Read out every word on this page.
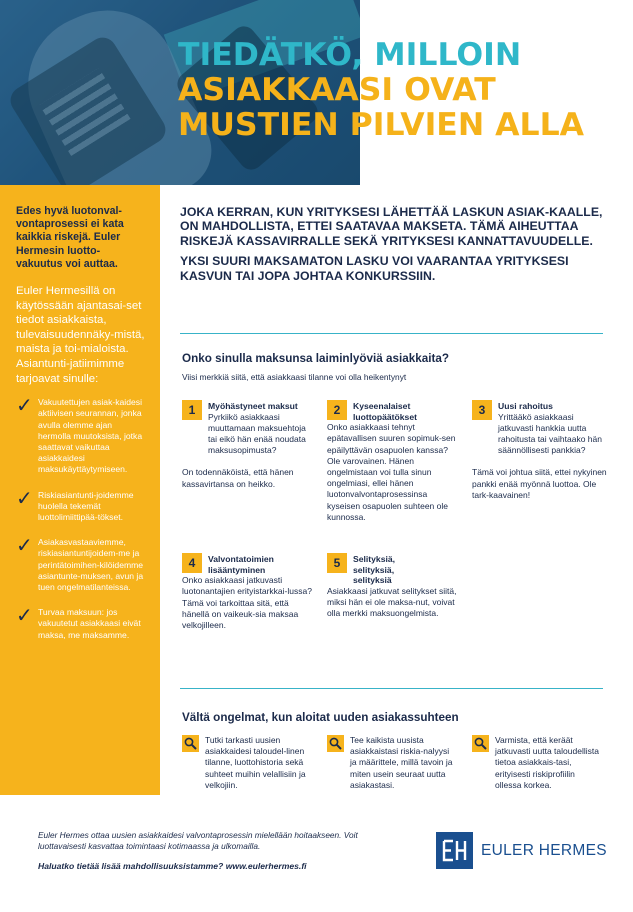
TIEDÄTKÖ, MILLOIN
ASIAKKAASI OVAT
MUSTIEN PILVIEN ALLA

Edes hyvä luotonval-vontaprosessi ei kata kaikkia riskejä. Euler Hermesin luotto-vakuutus voi auttaa.

Euler Hermesillä on käytössään ajantasai-set tiedot asiakkaista, tulevaisuudennäky-mistä, maista ja toi-mialoista. Asiantunti-jatiimimme tarjoavat sinulle:

✓ Vakuutettujen asiak-kaidesi aktiivisen seurannan, jonka avulla olemme ajan hermolla muutoksista, jotka saattavat vaikuttaa asiakkaidesi maksukäyttäytymiseen.
✓ Riskiasiantunti-joidemme huolella tekemät luottolimiittipää-tökset.
✓ Asiakasvastaaviemme, riskiasiantuntijoidem-me ja perintätoimihen-kilöidemme asiantunte-muksen, avun ja tuen ongelmatilanteissa.
✓ Turvaa maksuun: jos vakuutetut asiakkaasi eivät maksa, me maksamme.

JOKA KERRAN, KUN YRITYKSESI LÄHETTÄÄ LASKUN ASIAK-KAALLE, ON MAHDOLLISTA, ETTEI SAATAVAA MAKSETA. TÄMÄ AIHEUTTAA RISKEJÄ KASSAVIRRALLE SEKÄ YRITYKSESI KANNATTAVUUDELLE.

YKSI SUURI MAKSAMATON LASKU VOI VAARANTAA YRITYKSESI KASVUN TAI JOPA JOHTAA KONKURSSIIN.

Onko sinulla maksunsa laiminlyöviä asiakkaita?

Viisi merkkiä siitä, että asiakkaasi tilanne voi olla heikentynyt

1	Myöhästyneet maksut
Pyrkiikö asiakkaasi muuttamaan maksuehtoja tai eikö hän enää noudata maksusopimusta?
On todennäköistä, että hänen kassavirtansa on heikko.
2	Kyseenalaiset luottopäätökset
Onko asiakkaasi tehnyt epätavallisen suuren sopimuk-sen epäilyttävän osapuolen kanssa? Ole varovainen. Hänen ongelmistaan voi tulla sinun ongelmiasi, ellei hänen luotonvalvontaprosessinsa kyseisen osapuolen suhteen ole kunnossa.
3	Uusi rahoitus
Yrittääkö asiakkaasi jatkuvasti hankkia uutta rahoitusta tai vaihtaako hän säännöllisesti pankkia?
Tämä voi johtua siitä, ettei nykyinen pankki enää myönnä luottoa. Ole tark-kaavainen!
4	Valvontatoimien lisääntyminen
Onko asiakkaasi jatkuvasti luotonantajien erityistarkkai-lussa? Tämä voi tarkoittaa sitä, että hänellä on vaikeuk-sia maksaa velkojilleen.
5	Selityksiä, selityksiä, selityksiä
Asiakkaasi jatkuvat selitykset siitä, miksi hän ei ole maksa-nut, voivat olla merkki maksuongelmista.
Vältä ongelmat, kun aloitat uuden asiakassuhteen
Tutki tarkasti uusien asiakkaidesi taloudel-linen tilanne, luottohistoria sekä suhteet muihin velallisiin ja velkojiin.
Tee kaikista uusista asiakkaistasi riskia-nalyysi ja määrittele, millä tavoin ja miten usein seuraat uutta asiakastasi.
Varmista, että keräät jatkuvasti uutta taloudellista tietoa asiakkais-tasi, erityisesti riskiprofiilin ollessa korkea.

Euler Hermes ottaa uusien asiakkaidesi valvontaprosessin mielellään hoitaakseen. Voit luottavaisesti kasvattaa toimintaasi kotimaassa ja ulkomailla.

Haluatko tietää lisää mahdollisuuksistamme? www.eulerhermes.fi

EULER HERMES
